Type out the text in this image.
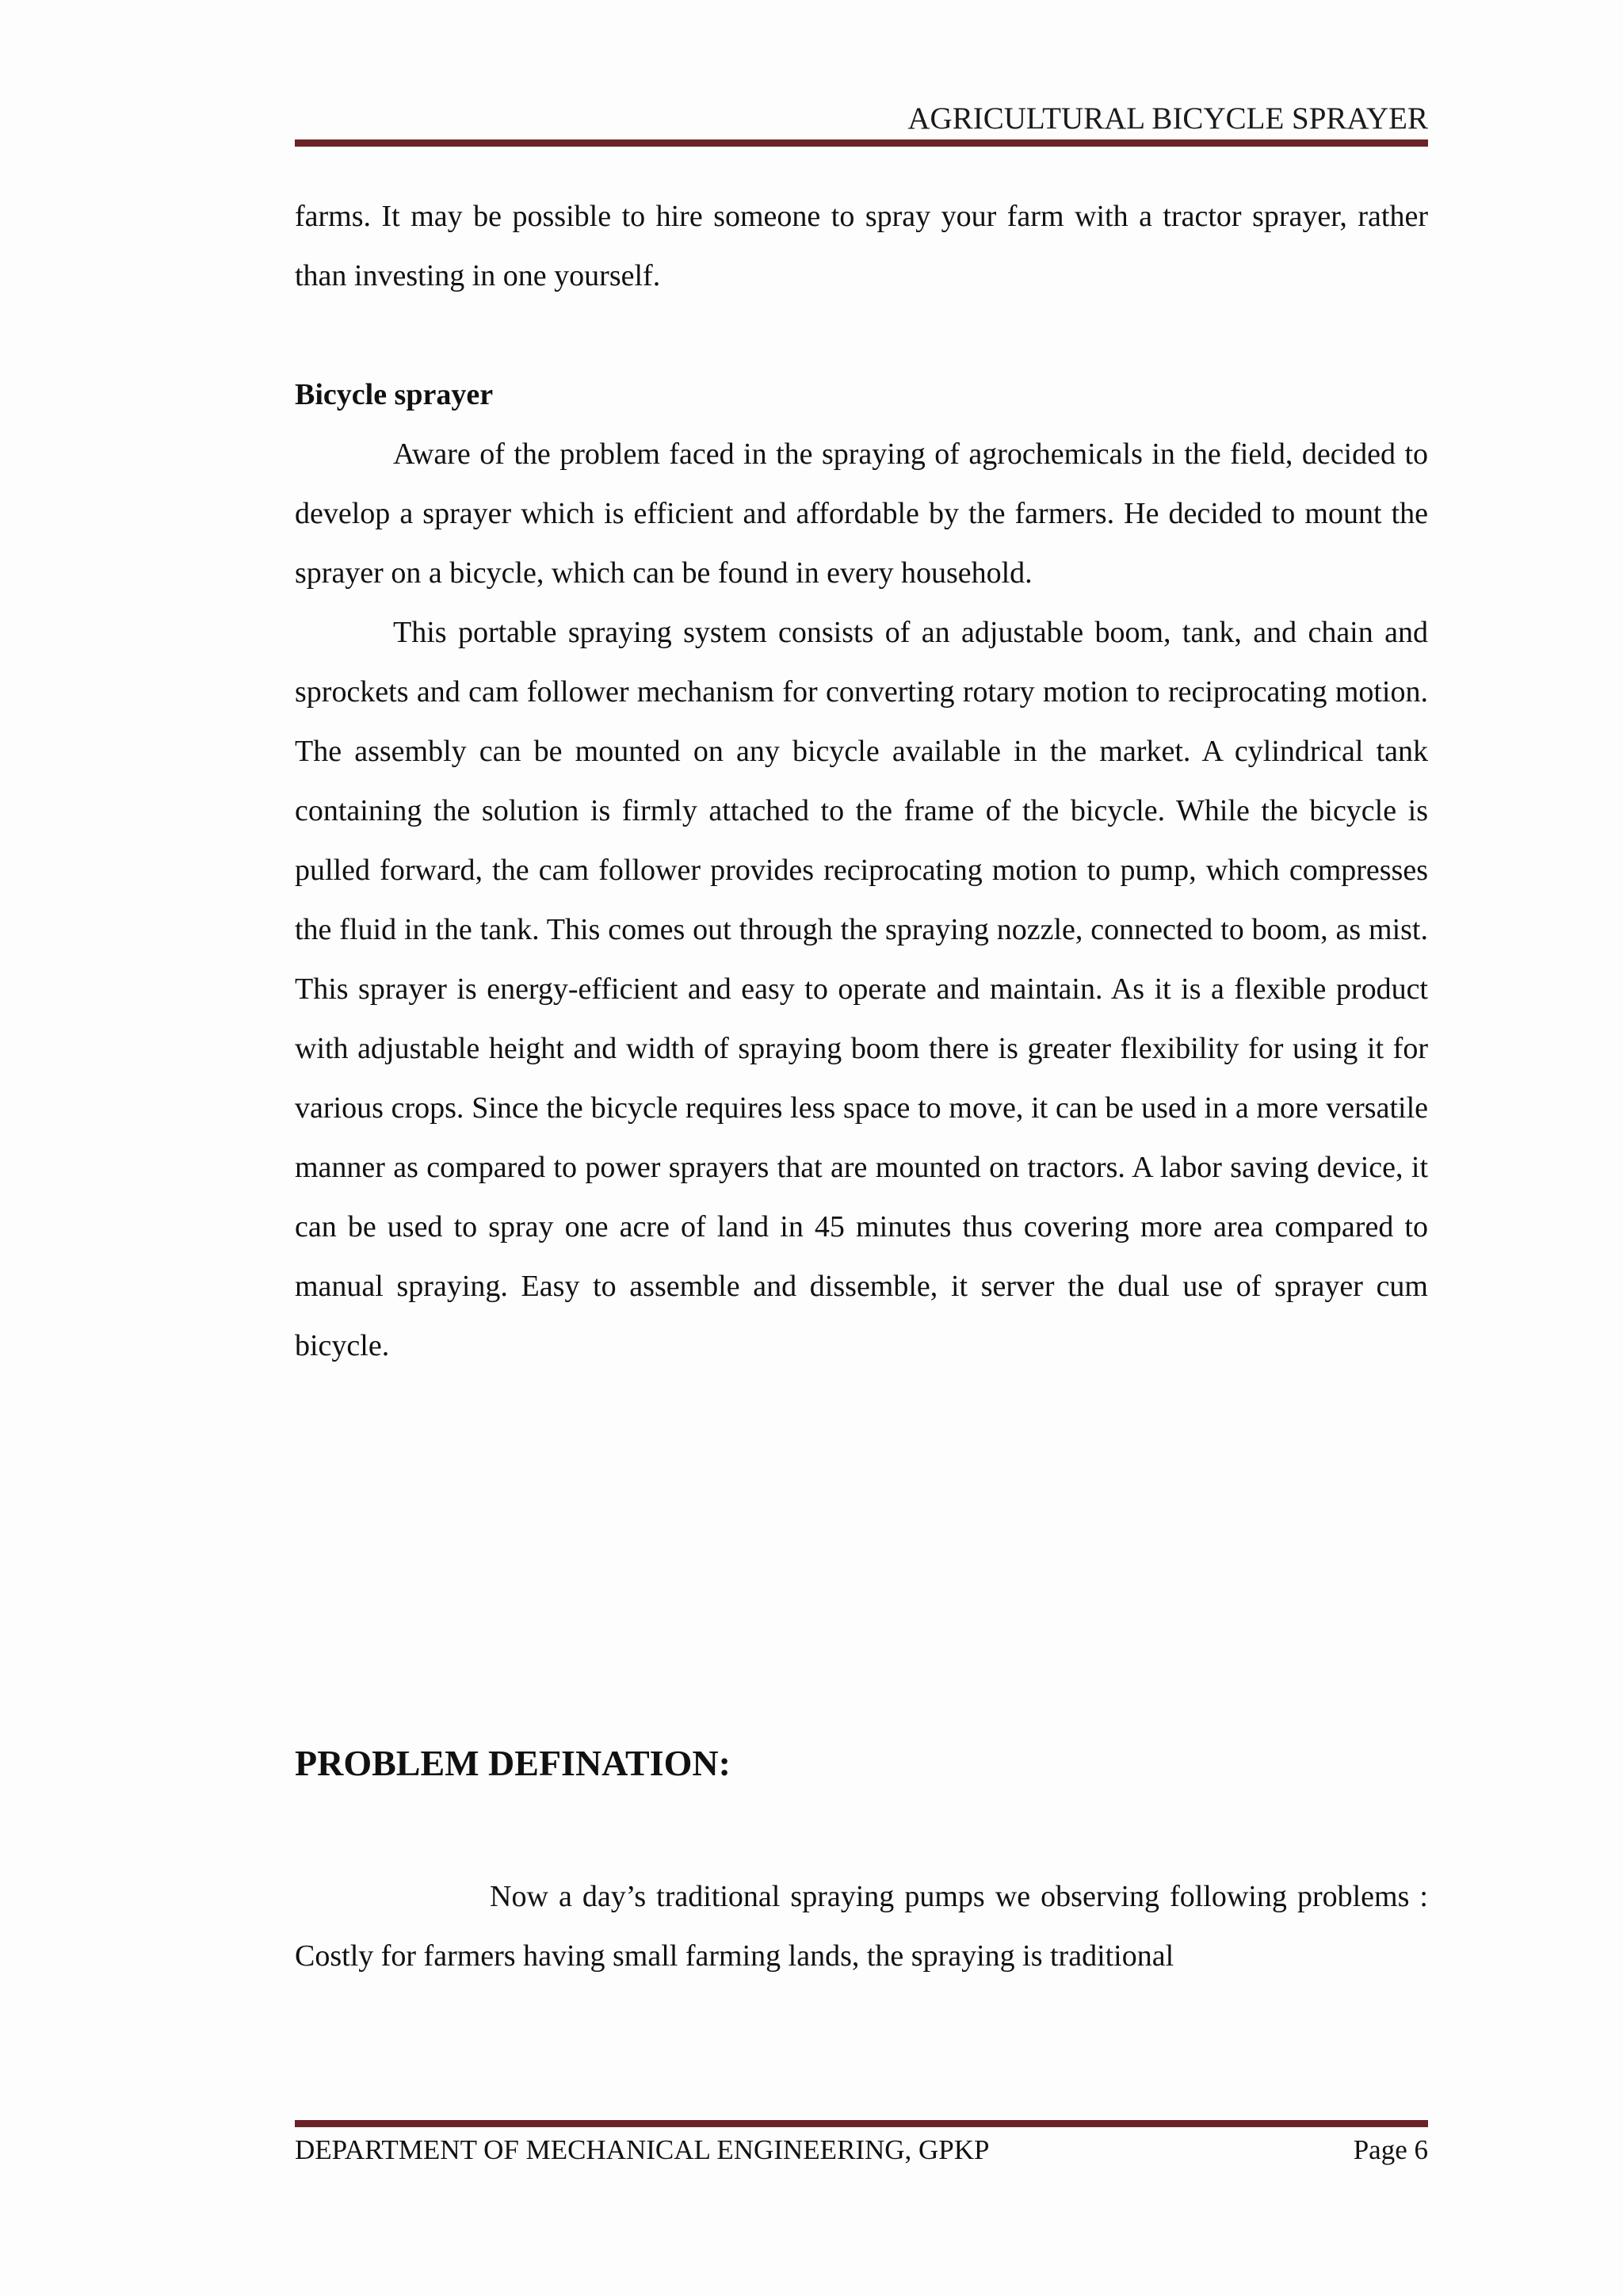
AGRICULTURAL BICYCLE SPRAYER

farms. It may be possible to hire someone to spray your farm with a tractor sprayer, rather than investing in one yourself.

Bicycle sprayer

Aware of the problem faced in the spraying of agrochemicals in the field, decided to develop a sprayer which is efficient and affordable by the farmers. He decided to mount the sprayer on a bicycle, which can be found in every household.

This portable spraying system consists of an adjustable boom, tank, and chain and sprockets and cam follower mechanism for converting rotary motion to reciprocating motion. The assembly can be mounted on any bicycle available in the market. A cylindrical tank containing the solution is firmly attached to the frame of the bicycle. While the bicycle is pulled forward, the cam follower provides reciprocating motion to pump, which compresses the fluid in the tank. This comes out through the spraying nozzle, connected to boom, as mist. This sprayer is energy-efficient and easy to operate and maintain. As it is a flexible product with adjustable height and width of spraying boom there is greater flexibility for using it for various crops. Since the bicycle requires less space to move, it can be used in a more versatile manner as compared to power sprayers that are mounted on tractors. A labor saving device, it can be used to spray one acre of land in 45 minutes thus covering more area compared to manual spraying. Easy to assemble and dissemble, it server the dual use of sprayer cum bicycle.

PROBLEM DEFINATION:

Now a day’s traditional spraying pumps we observing following problems : Costly for farmers having small farming lands, the spraying is traditional

DEPARTMENT OF MECHANICAL ENGINEERING, GPKP	Page 6
